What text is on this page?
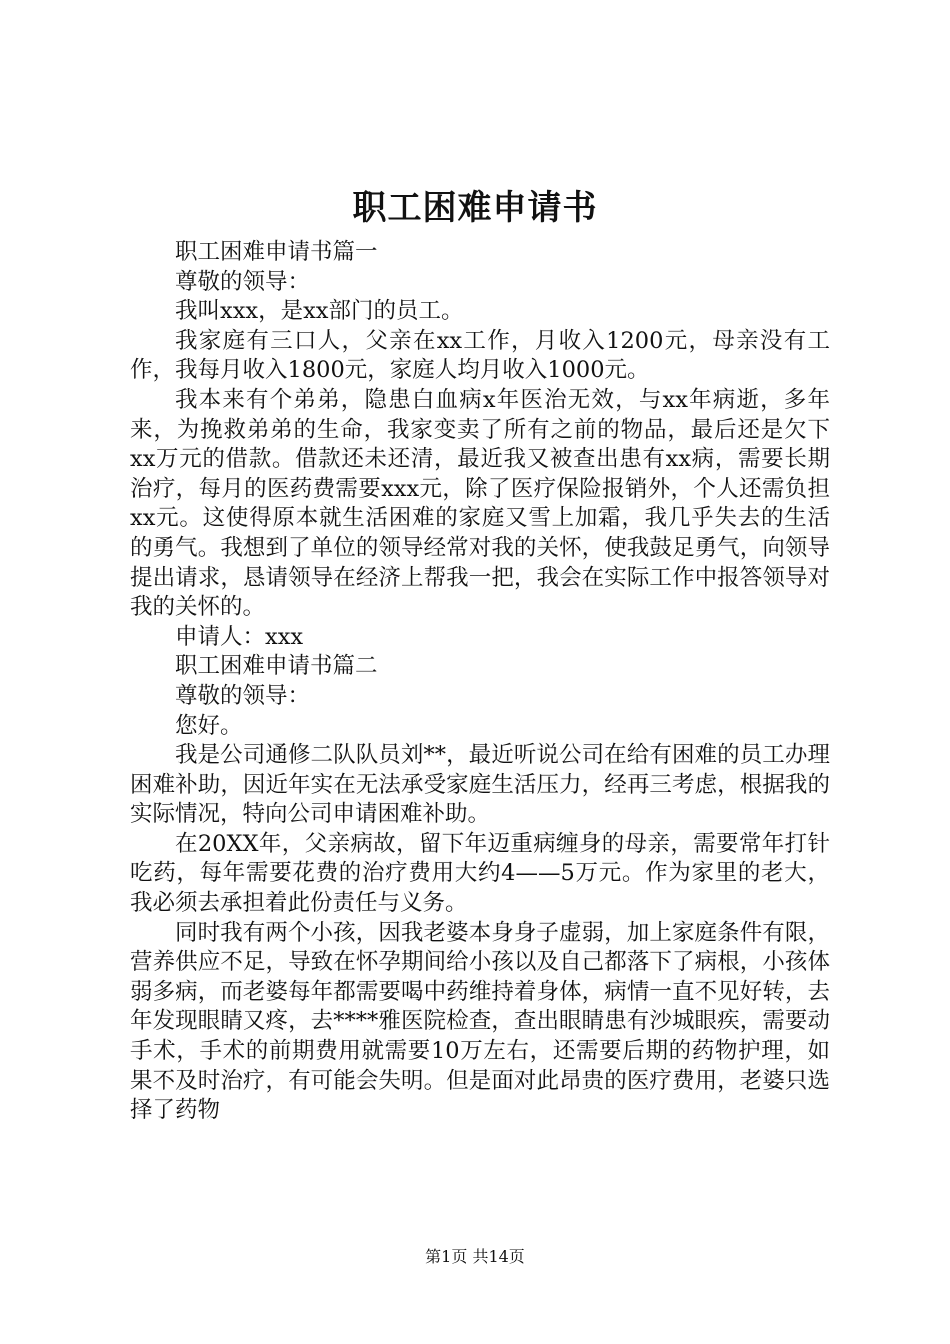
职工困难申请书

职工困难申请书篇一

尊敬的领导：

我叫xxx，是xx部门的员工。

我家庭有三口人，父亲在xx工作，月收入1200元，母亲没有工作，我每月收入1800元，家庭人均月收入1000元。

我本来有个弟弟，隐患白血病x年医治无效，与xx年病逝，多年来，为挽救弟弟的生命，我家变卖了所有之前的物品，最后还是欠下xx万元的借款。借款还未还清，最近我又被查出患有xx病，需要长期治疗，每月的医药费需要xxx元，除了医疗保险报销外，个人还需负担xx元。这使得原本就生活困难的家庭又雪上加霜，我几乎失去的生活的勇气。我想到了单位的领导经常对我的关怀，使我鼓足勇气，向领导提出请求，恳请领导在经济上帮我一把，我会在实际工作中报答领导对我的关怀的。

申请人：xxx

职工困难申请书篇二

尊敬的领导：

您好。

我是公司通修二队队员刘**，最近听说公司在给有困难的员工办理困难补助，因近年实在无法承受家庭生活压力，经再三考虑，根据我的实际情况，特向公司申请困难补助。

在20XX年，父亲病故，留下年迈重病缠身的母亲，需要常年打针吃药，每年需要花费的治疗费用大约4——5万元。作为家里的老大，我必须去承担着此份责任与义务。

同时我有两个小孩，因我老婆本身身子虚弱，加上家庭条件有限，营养供应不足，导致在怀孕期间给小孩以及自己都落下了病根，小孩体弱多病，而老婆每年都需要喝中药维持着身体，病情一直不见好转，去年发现眼睛又疼，去****雅医院检查，查出眼睛患有沙城眼疾，需要动手术，手术的前期费用就需要10万左右，还需要后期的药物护理，如果不及时治疗，有可能会失明。但是面对此昂贵的医疗费用，老婆只选择了药物

第1页 共14页
